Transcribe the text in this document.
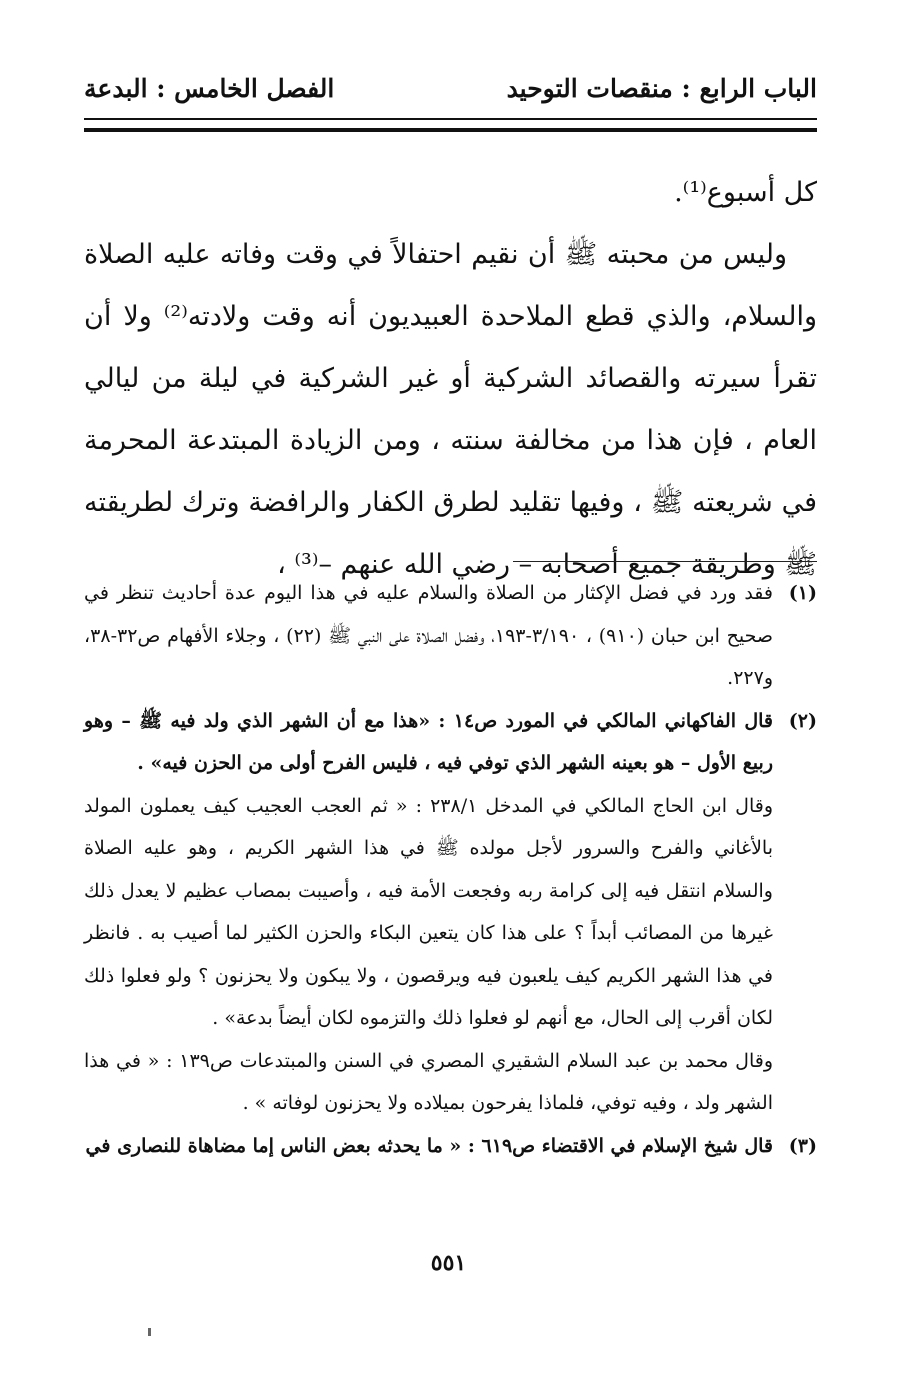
الباب الرابع : منقصات التوحيد
الفصل الخامس : البدعة

كل أسبوع⁽¹⁾.

وليس من محبته ﷺ أن نقيم احتفالاً في وقت وفاته عليه الصلاة والسلام، والذي قطع الملاحدة العبيديون أنه وقت ولادته⁽²⁾ ولا أن تقرأ سيرته والقصائد الشركية أو غير الشركية في ليلة من ليالي العام ، فإن هذا من مخالفة سنته ، ومن الزيادة المبتدعة المحرمة في شريعته ﷺ ، وفيها تقليد لطرق الكفار والرافضة وترك لطريقته ﷺ وطريقة جميع أصحابه – رضي الله عنهم –⁽³⁾ ،

(١)
فقد ورد في فضل الإكثار من الصلاة والسلام عليه في هذا اليوم عدة أحاديث تنظر في صحيح ابن حبان (٩١٠) ، ٣/١٩٠-١٩٣، وفضل الصلاة على النبي ﷺ (٢٢) ، وجلاء الأفهام ص٣٢-٣٨، و٢٢٧.
(٢)
قال الفاكهاني المالكي في المورد ص١٤ : «هذا مع أن الشهر الذي ولد فيه ﷺ – وهو ربيع الأول – هو بعينه الشهر الذي توفي فيه ، فليس الفرح أولى من الحزن فيه» .

وقال ابن الحاج المالكي في المدخل ٢٣٨/١ : « ثم العجب العجيب كيف يعملون المولد بالأغاني والفرح والسرور لأجل مولده ﷺ في هذا الشهر الكريم ، وهو عليه الصلاة والسلام انتقل فيه إلى كرامة ربه وفجعت الأمة فيه ، وأصيبت بمصاب عظيم لا يعدل ذلك غيرها من المصائب أبداً ؟ على هذا كان يتعين البكاء والحزن الكثير لما أصيب به . فانظر في هذا الشهر الكريم كيف يلعبون فيه ويرقصون ، ولا يبكون ولا يحزنون ؟ ولو فعلوا ذلك لكان أقرب إلى الحال، مع أنهم لو فعلوا ذلك والتزموه لكان أيضاً بدعة» .

وقال محمد بن عبد السلام الشقيري المصري في السنن والمبتدعات ص١٣٩ : « في هذا الشهر ولد ، وفيه توفي، فلماذا يفرحون بميلاده ولا يحزنون لوفاته » .

(٣)
قال شيخ الإسلام في الاقتضاء ص٦١٩ : « ما يحدثه بعض الناس إما مضاهاة للنصارى في
٥٥١
